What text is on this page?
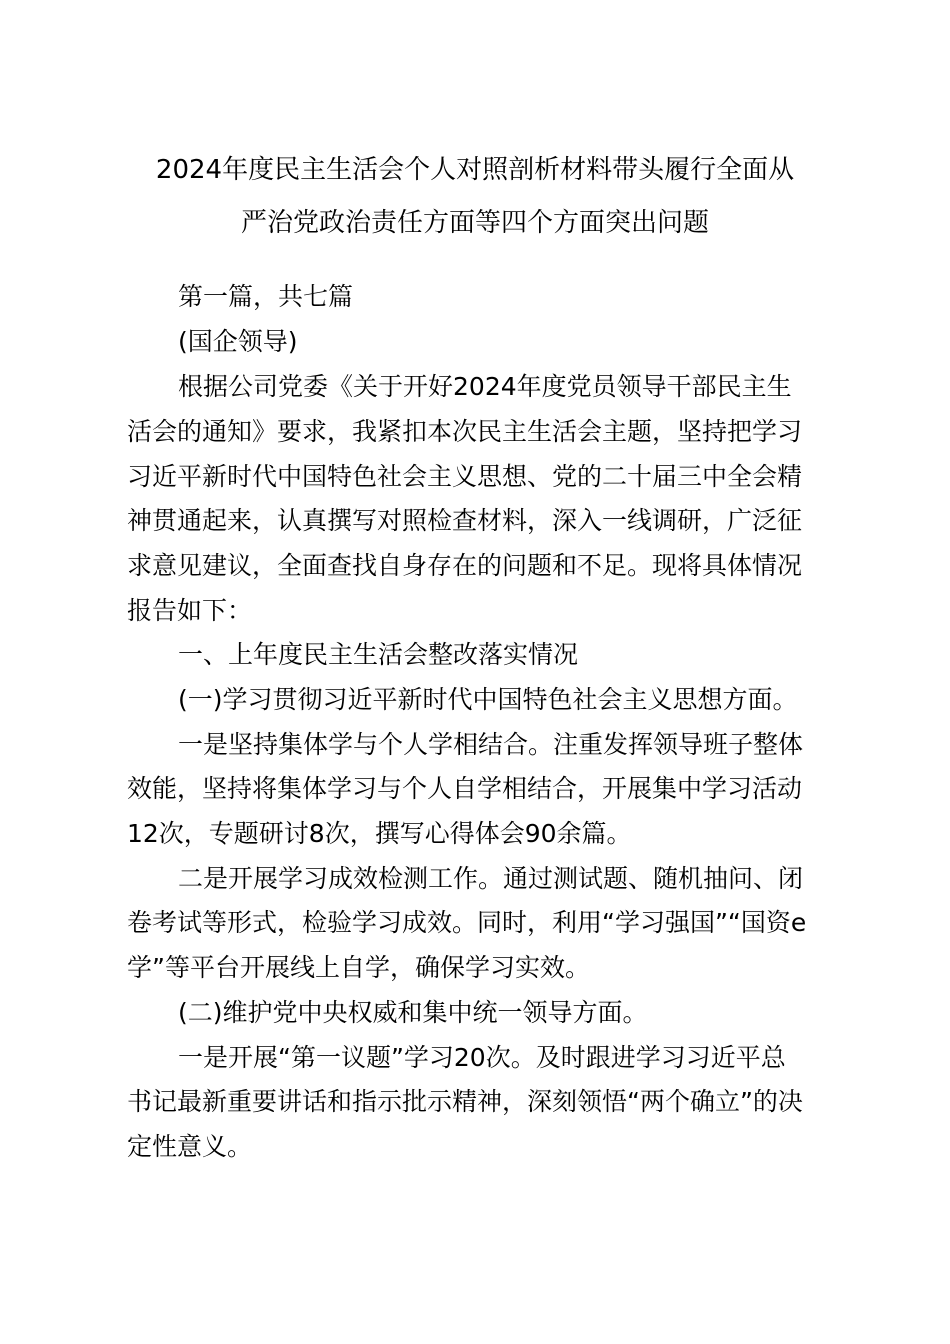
2024年度民主生活会个人对照剖析材料带头履行全面从
严治党政治责任方面等四个方面突出问题
第一篇，共七篇
(国企领导)
根据公司党委《关于开好2024年度党员领导干部民主生
活会的通知》要求，我紧扣本次民主生活会主题，坚持把学习
习近平新时代中国特色社会主义思想、党的二十届三中全会精
神贯通起来，认真撰写对照检查材料，深入一线调研，广泛征
求意见建议，全面查找自身存在的问题和不足。现将具体情况
报告如下：
一、上年度民主生活会整改落实情况
(一)学习贯彻习近平新时代中国特色社会主义思想方面。
一是坚持集体学与个人学相结合。注重发挥领导班子整体
效能，坚持将集体学习与个人自学相结合，开展集中学习活动
12次，专题研讨8次，撰写心得体会90余篇。
二是开展学习成效检测工作。通过测试题、随机抽问、闭
卷考试等形式，检验学习成效。同时，利用“学习强国”“国资e
学”等平台开展线上自学，确保学习实效。
(二)维护党中央权威和集中统一领导方面。
一是开展“第一议题”学习20次。及时跟进学习习近平总
书记最新重要讲话和指示批示精神，深刻领悟“两个确立”的决
定性意义。
